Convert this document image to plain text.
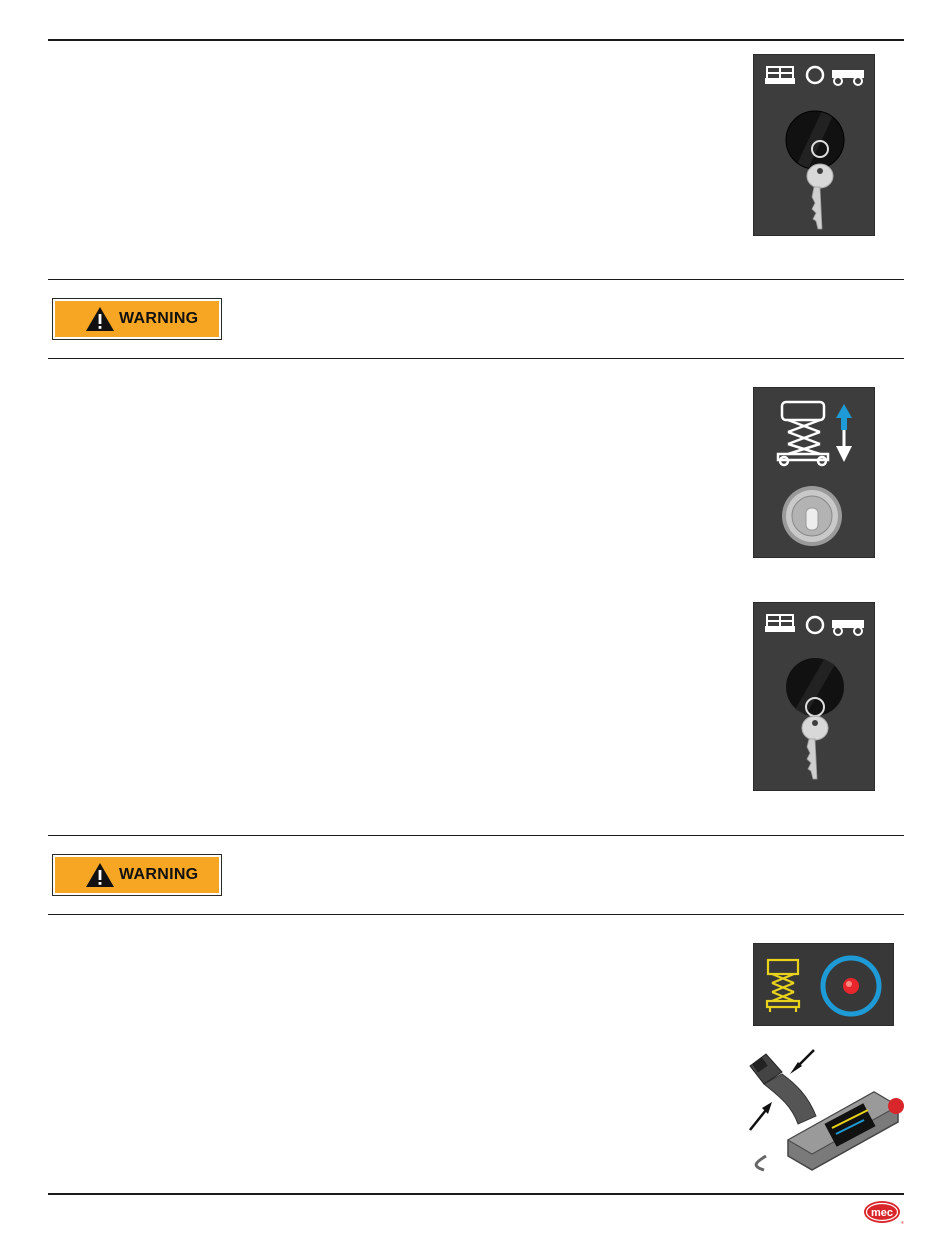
WARNING
WARNING
mec
®
